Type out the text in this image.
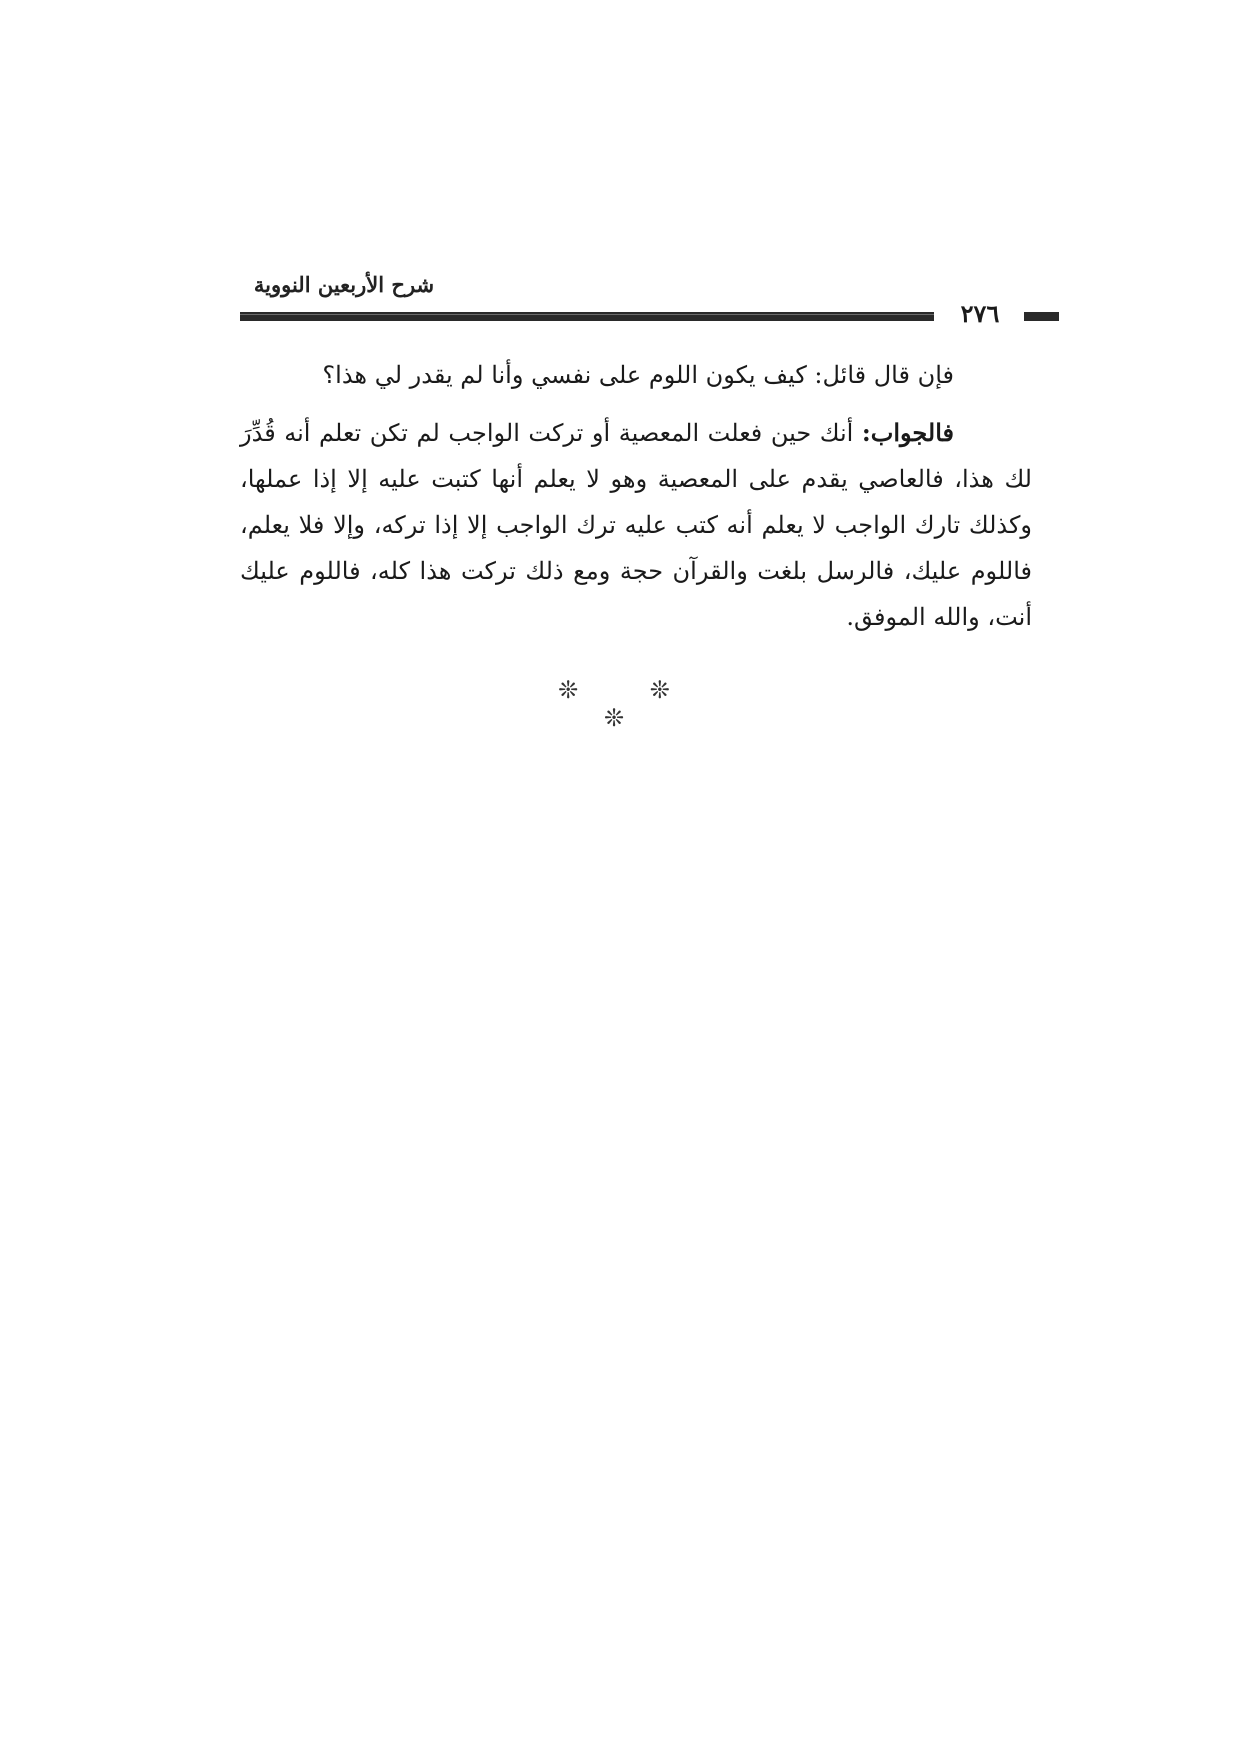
شرح الأربعين النووية
٢٧٦

فإن قال قائل: كيف يكون اللوم على نفسي وأنا لم يقدر لي هذا؟

فالجواب: أنك حين فعلت المعصية أو تركت الواجب لم تكن تعلم أنه قُدِّرَ لك هذا، فالعاصي يقدم على المعصية وهو لا يعلم أنها كتبت عليه إلا إذا عملها، وكذلك تارك الواجب لا يعلم أنه كتب عليه ترك الواجب إلا إذا تركه، وإلا فلا يعلم، فاللوم عليك، فالرسل بلغت والقرآن حجة ومع ذلك تركت هذا كله، فاللوم عليك أنت، والله الموفق.

❊ ❊ ❊
